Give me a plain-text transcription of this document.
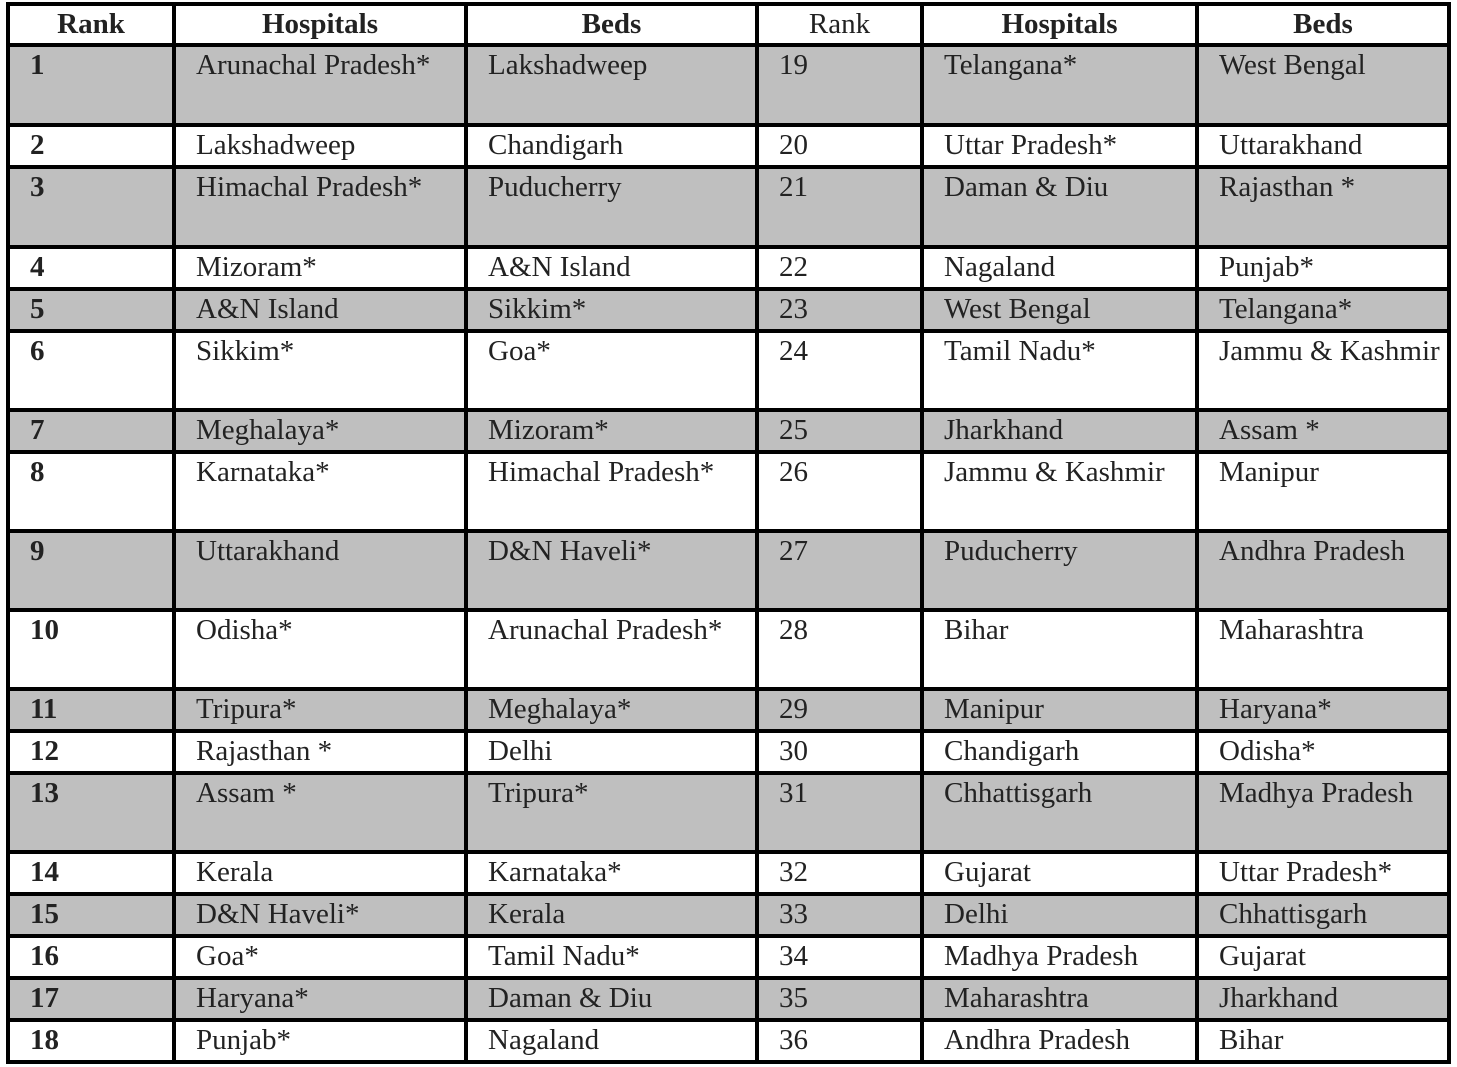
Rank	Hospitals	Beds	Rank	Hospitals	Beds
1	Arunachal Pradesh*	Lakshadweep	19	Telangana*	West Bengal
2	Lakshadweep	Chandigarh	20	Uttar Pradesh*	Uttarakhand
3	Himachal Pradesh*	Puducherry	21	Daman & Diu	Rajasthan *
4	Mizoram*	A&N Island	22	Nagaland	Punjab*
5	A&N Island	Sikkim*	23	West Bengal	Telangana*
6	Sikkim*	Goa*	24	Tamil Nadu*	Jammu & Kashmir
7	Meghalaya*	Mizoram*	25	Jharkhand	Assam *
8	Karnataka*	Himachal Pradesh*	26	Jammu & Kashmir	Manipur
9	Uttarakhand	D&N Haveli*	27	Puducherry	Andhra Pradesh
10	Odisha*	Arunachal Pradesh*	28	Bihar	Maharashtra
11	Tripura*	Meghalaya*	29	Manipur	Haryana*
12	Rajasthan *	Delhi	30	Chandigarh	Odisha*
13	Assam *	Tripura*	31	Chhattisgarh	Madhya Pradesh
14	Kerala	Karnataka*	32	Gujarat	Uttar Pradesh*
15	D&N Haveli*	Kerala	33	Delhi	Chhattisgarh
16	Goa*	Tamil Nadu*	34	Madhya Pradesh	Gujarat
17	Haryana*	Daman & Diu	35	Maharashtra	Jharkhand
18	Punjab*	Nagaland	36	Andhra Pradesh	Bihar
